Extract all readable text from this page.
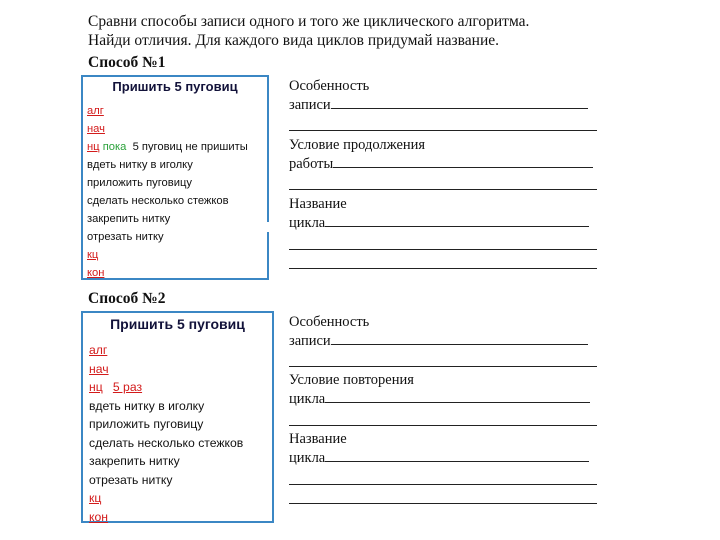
Сравни способы записи одного и того же циклического алгоритма.
Найди отличия. Для каждого вида циклов придумай название.
Способ №1
Пришить 5 пуговиц
алг
нач
нц пока 5 пуговиц не пришиты
вдеть нитку в иголку
приложить пуговицу
сделать несколько стежков
закрепить нитку
отрезать нитку
кц
кон
Особенность
записи
Условие продолжения
работы
Название
цикла
Способ №2
Пришить 5 пуговиц
алг
нач
нц 5 раз
вдеть нитку в иголку
приложить пуговицу
сделать несколько стежков
закрепить нитку
отрезать нитку
кц
кон
Особенность
записи
Условие повторения
цикла
Название
цикла
